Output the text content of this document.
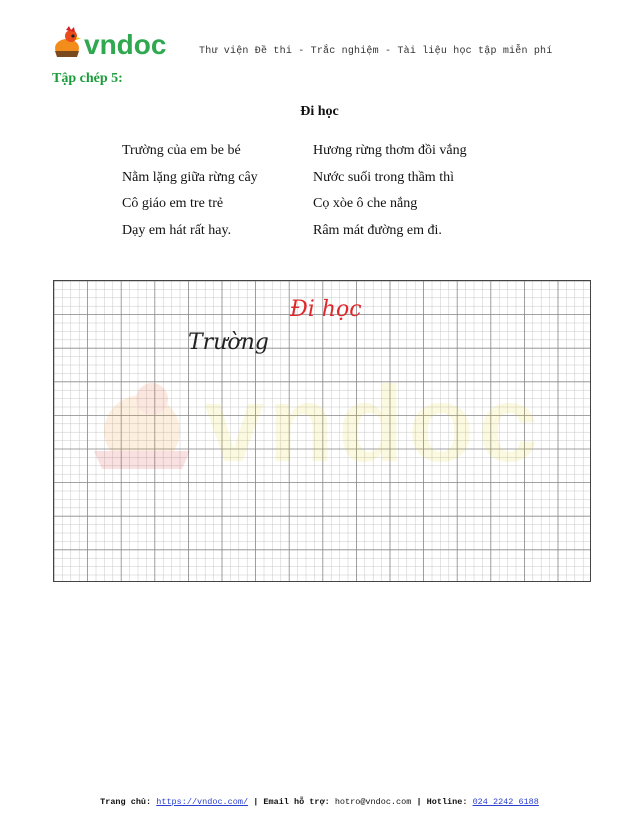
vndoc	Thư viện Đề thi - Trắc nghiệm - Tài liệu học tập miễn phí
Tập chép 5:
Đi học
Trường của em be bé
Nằm lặng giữa rừng cây
Cô giáo em tre trẻ
Dạy em hát rất hay.
Hương rừng thơm đồi vắng
Nước suối trong thầm thì
Cọ xòe ô che nắng
Râm mát đường em đi.
vndoc
Đi học
Trường
Trang chủ: https://vndoc.com/ | Email hỗ trợ: hotro@vndoc.com | Hotline: 024 2242 6188
